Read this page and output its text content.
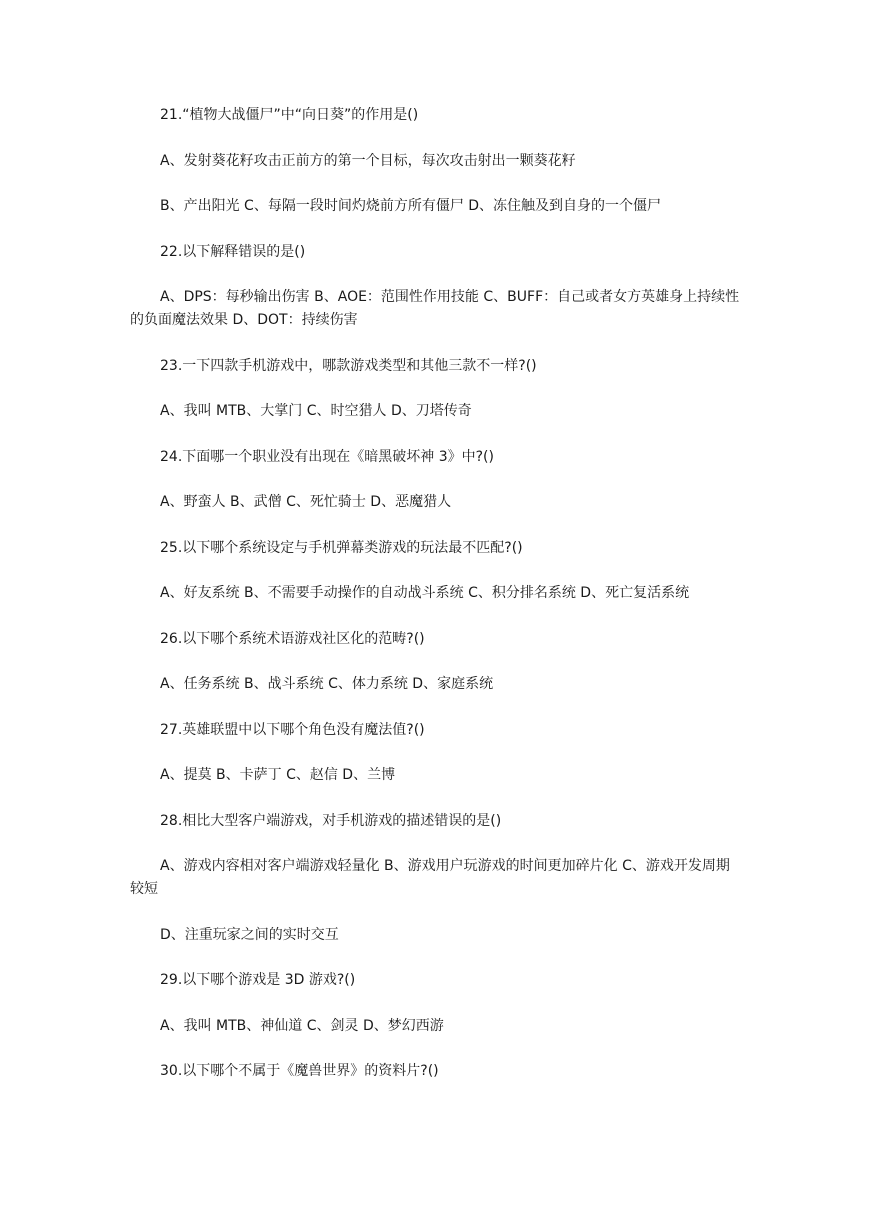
21.“植物大战僵尸”中“向日葵”的作用是()

A、发射葵花籽攻击正前方的第一个目标，每次攻击射出一颗葵花籽

B、产出阳光 C、每隔一段时间灼烧前方所有僵尸 D、冻住触及到自身的一个僵尸

22.以下解释错误的是()

A、DPS：每秒输出伤害 B、AOE：范围性作用技能 C、BUFF：自己或者女方英雄身上持续性的负面魔法效果 D、DOT：持续伤害

23.一下四款手机游戏中，哪款游戏类型和其他三款不一样?()

A、我叫 MTB、大掌门 C、时空猎人 D、刀塔传奇

24.下面哪一个职业没有出现在《暗黑破坏神 3》中?()

A、野蛮人 B、武僧 C、死忙骑士 D、恶魔猎人

25.以下哪个系统设定与手机弹幕类游戏的玩法最不匹配?()

A、好友系统 B、不需要手动操作的自动战斗系统 C、积分排名系统 D、死亡复活系统

26.以下哪个系统术语游戏社区化的范畴?()

A、任务系统 B、战斗系统 C、体力系统 D、家庭系统

27.英雄联盟中以下哪个角色没有魔法值?()

A、提莫 B、卡萨丁 C、赵信 D、兰博

28.相比大型客户端游戏，对手机游戏的描述错误的是()

A、游戏内容相对客户端游戏轻量化 B、游戏用户玩游戏的时间更加碎片化 C、游戏开发周期较短

D、注重玩家之间的实时交互

29.以下哪个游戏是 3D 游戏?()

A、我叫 MTB、神仙道 C、剑灵 D、梦幻西游

30.以下哪个不属于《魔兽世界》的资料片?()
